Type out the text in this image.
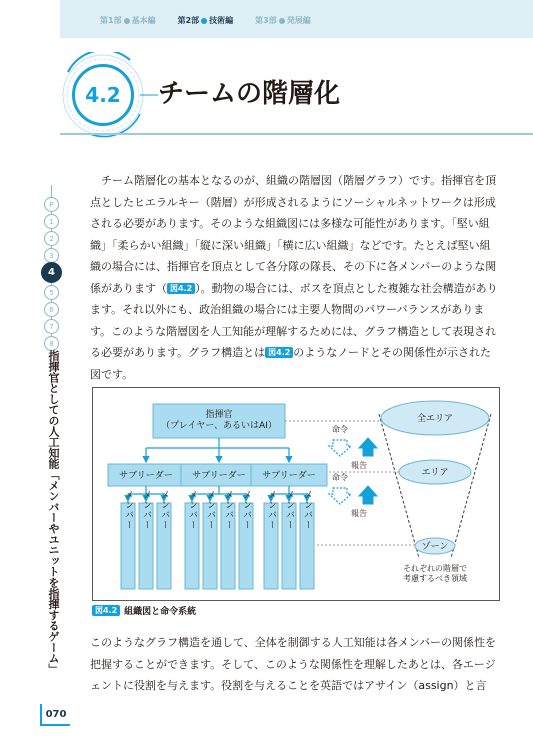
第1部 基本編	第2部 技術編	第3部 発展編
4.2	チームの階層化
P
1
2
3
4
5
6
7
8
指揮官としての人工知能「メンバーやユニットを指揮するゲーム」
　チーム階層化の基本となるのが、組織の階層図（階層グラフ）です。指揮官を頂点としたヒエラルキー（階層）が形成されるようにソーシャルネットワークは形成される必要があります。そのような組織図には多様な可能性があります。「堅い組織」「柔らかい組織」「縦に深い組織」「横に広い組織」などです。たとえば堅い組織の場合には、指揮官を頂点として各分隊の隊長、その下に各メンバーのような関係があります（ 図4.2 ）。動物の場合には、ボスを頂点とした複雑な社会構造があります。それ以外にも、政治組織の場合には主要人物間のパワーバランスがあります。このような階層図を人工知能が理解するためには、グラフ構造として表現される必要があります。グラフ構造とは 図4.2 のようなノードとその関係性が示された図です。
指揮官
（プレイヤー、あるいはAI）
サブリーダー サブリーダー サブリーダー
メンバー メンバー メンバー メンバー メンバー メンバー メンバー メンバー メンバー メンバー
命令
報告
命令
報告
全エリア
エリア
ゾーン
それぞれの階層で
考慮するべき領域
図4.2 組織図と命令系統
このようなグラフ構造を通して、全体を制御する人工知能は各メンバーの関係性を把握することができます。そして、このような関係性を理解したあとは、各エージェントに役割を与えます。役割を与えることを英語ではアサイン（assign）と言
070
